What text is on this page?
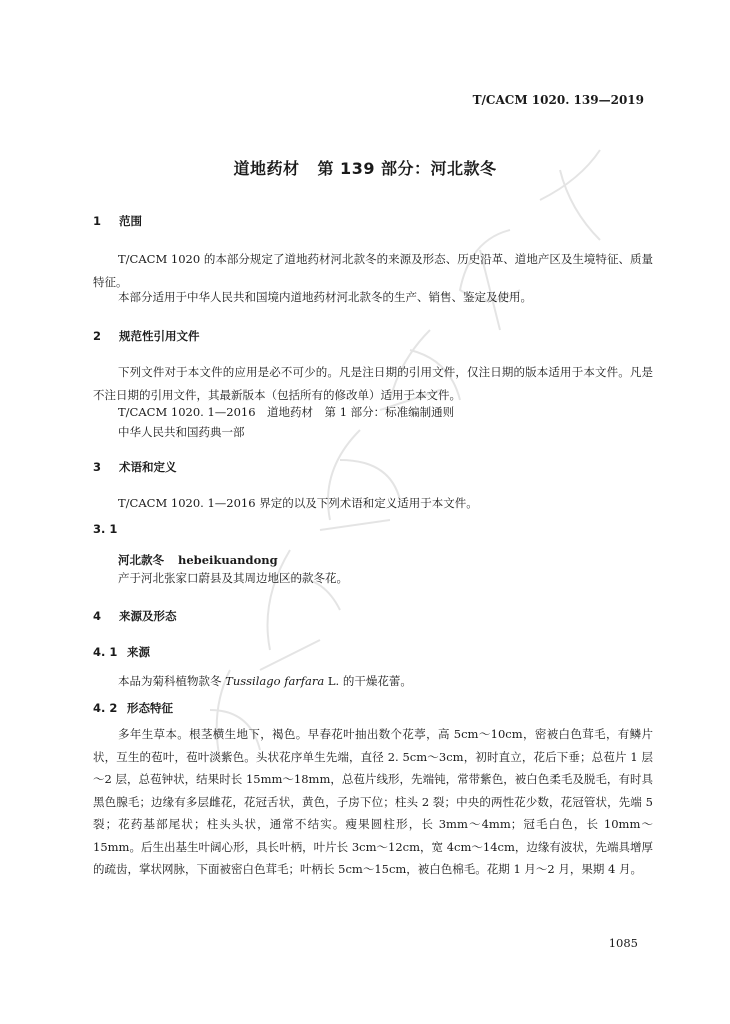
T/CACM 1020. 139—2019
道地药材 第 139 部分：河北款冬
1 范围
T/CACM 1020 的本部分规定了道地药材河北款冬的来源及形态、历史沿革、道地产区及生境特征、质量特征。
本部分适用于中华人民共和国境内道地药材河北款冬的生产、销售、鉴定及使用。
2 规范性引用文件
下列文件对于本文件的应用是必不可少的。凡是注日期的引用文件，仅注日期的版本适用于本文件。凡是不注日期的引用文件，其最新版本（包括所有的修改单）适用于本文件。
T/CACM 1020. 1—2016　道地药材　第 1 部分：标准编制通则
中华人民共和国药典一部
3 术语和定义
T/CACM 1020. 1—2016 界定的以及下列术语和定义适用于本文件。
3. 1
河北款冬 hebeikuandong
产于河北张家口蔚县及其周边地区的款冬花。
4 来源及形态
4. 1 来源
本品为菊科植物款冬 Tussilago farfara L. 的干燥花蕾。
4. 2 形态特征
多年生草本。根茎横生地下，褐色。早春花叶抽出数个花葶，高 5cm～10cm，密被白色茸毛，有鳞片状，互生的苞叶，苞叶淡紫色。头状花序单生先端，直径 2. 5cm～3cm，初时直立，花后下垂；总苞片 1 层～2 层，总苞钟状，结果时长 15mm～18mm，总苞片线形，先端钝，常带紫色，被白色柔毛及脱毛，有时具黑色腺毛；边缘有多层雌花，花冠舌状，黄色，子房下位；柱头 2 裂；中央的两性花少数，花冠管状，先端 5 裂；花药基部尾状；柱头头状，通常不结实。瘦果圆柱形，长 3mm～4mm；冠毛白色，长 10mm～15mm。后生出基生叶阔心形，具长叶柄，叶片长 3cm～12cm，宽 4cm～14cm，边缘有波状，先端具增厚的疏齿，掌状网脉，下面被密白色茸毛；叶柄长 5cm～15cm，被白色棉毛。花期 1 月～2 月，果期 4 月。
1085
